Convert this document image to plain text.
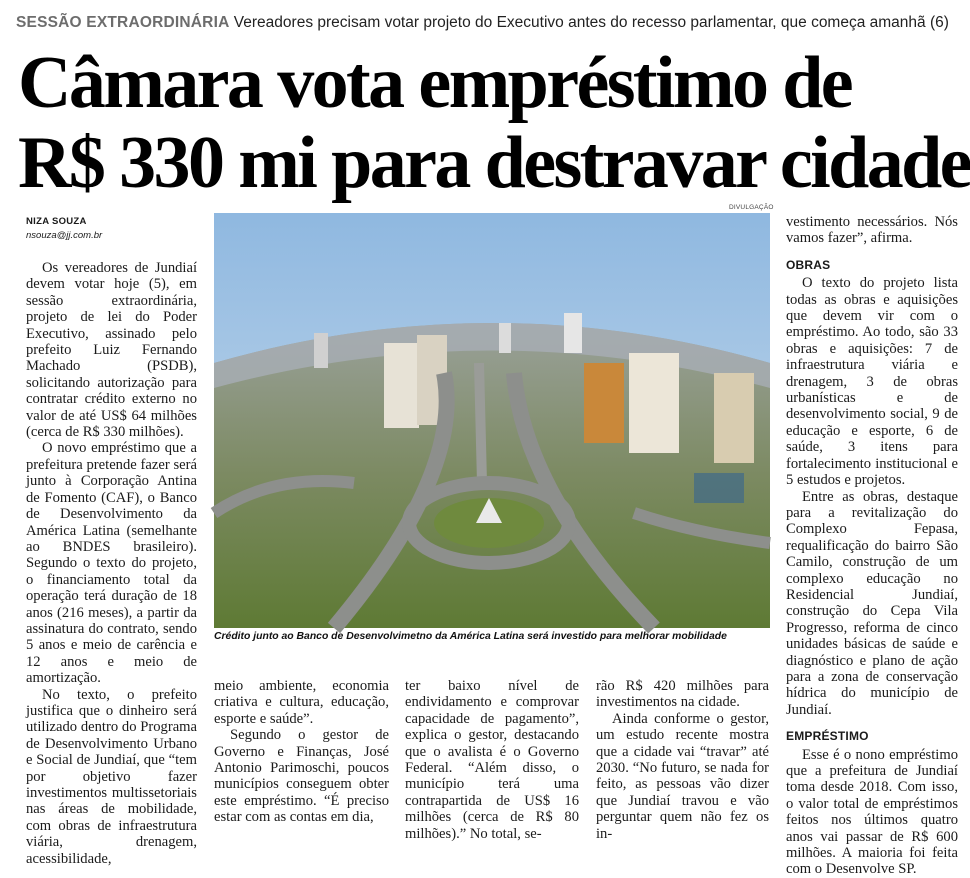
SESSÃO EXTRAORDINÁRIA Vereadores precisam votar projeto do Executivo antes do recesso parlamentar, que começa amanhã (6)
Câmara vota empréstimo de
R$ 330 mi para destravar cidade
NIZA SOUZA
nsouza@jj.com.br

Os vereadores de Jundiaí devem votar hoje (5), em sessão extraordinária, projeto de lei do Poder Executivo, assinado pelo prefeito Luiz Fernando Machado (PSDB), solicitando autorização para contratar crédito externo no valor de até US$ 64 milhões (cerca de R$ 330 milhões).

O novo empréstimo que a prefeitura pretende fazer será junto à Corporação Antina de Fomento (CAF), o Banco de Desenvolvimento da América Latina (semelhante ao BNDES brasileiro). Segundo o texto do projeto, o financiamento total da operação terá duração de 18 anos (216 meses), a partir da assinatura do contrato, sendo 5 anos e meio de carência e 12 anos e meio de amortização.

No texto, o prefeito justifica que o dinheiro será utilizado dentro do Programa de Desenvolvimento Urbano e Social de Jundiaí, que “tem por objetivo fazer investimentos multissetoriais nas áreas de mobilidade, com obras de infraestrutura viária, drenagem, acessibilidade,

DIVULGAÇÃO
Crédito junto ao Banco de Desenvolvimetno da América Latina será investido para melhorar mobilidade

meio ambiente, economia criativa e cultura, educação, esporte e saúde”.

Segundo o gestor de Governo e Finanças, José Antonio Parimoschi, poucos municípios conseguem obter este empréstimo. “É preciso estar com as contas em dia,

ter baixo nível de endividamento e comprovar capacidade de pagamento”, explica o gestor, destacando que o avalista é o Governo Federal. “Além disso, o município terá uma contrapartida de US$ 16 milhões (cerca de R$ 80 milhões).” No total, se-

rão R$ 420 milhões para investimentos na cidade.

Ainda conforme o gestor, um estudo recente mostra que a cidade vai “travar” até 2030. “No futuro, se nada for feito, as pessoas vão dizer que Jundiaí travou e vão perguntar quem não fez os in-

vestimento necessários. Nós vamos fazer”, afirma.

OBRAS

O texto do projeto lista todas as obras e aquisições que devem vir com o empréstimo. Ao todo, são 33 obras e aquisições: 7 de infraestrutura viária e drenagem, 3 de obras urbanísticas e de desenvolvimento social, 9 de educação e esporte, 6 de saúde, 3 itens para fortalecimento institucional e 5 estudos e projetos.

Entre as obras, destaque para a revitalização do Complexo Fepasa, requalificação do bairro São Camilo, construção de um complexo educação no Residencial Jundiaí, construção do Cepa Vila Progresso, reforma de cinco unidades básicas de saúde e diagnóstico e plano de ação para a zona de conservação hídrica do município de Jundiaí.

EMPRÉSTIMO

Esse é o nono empréstimo que a prefeitura de Jundiaí toma desde 2018. Com isso, o valor total de empréstimos feitos nos últimos quatro anos vai passar de R$ 600 milhões. A maioria foi feita com o Desenvolve SP.
